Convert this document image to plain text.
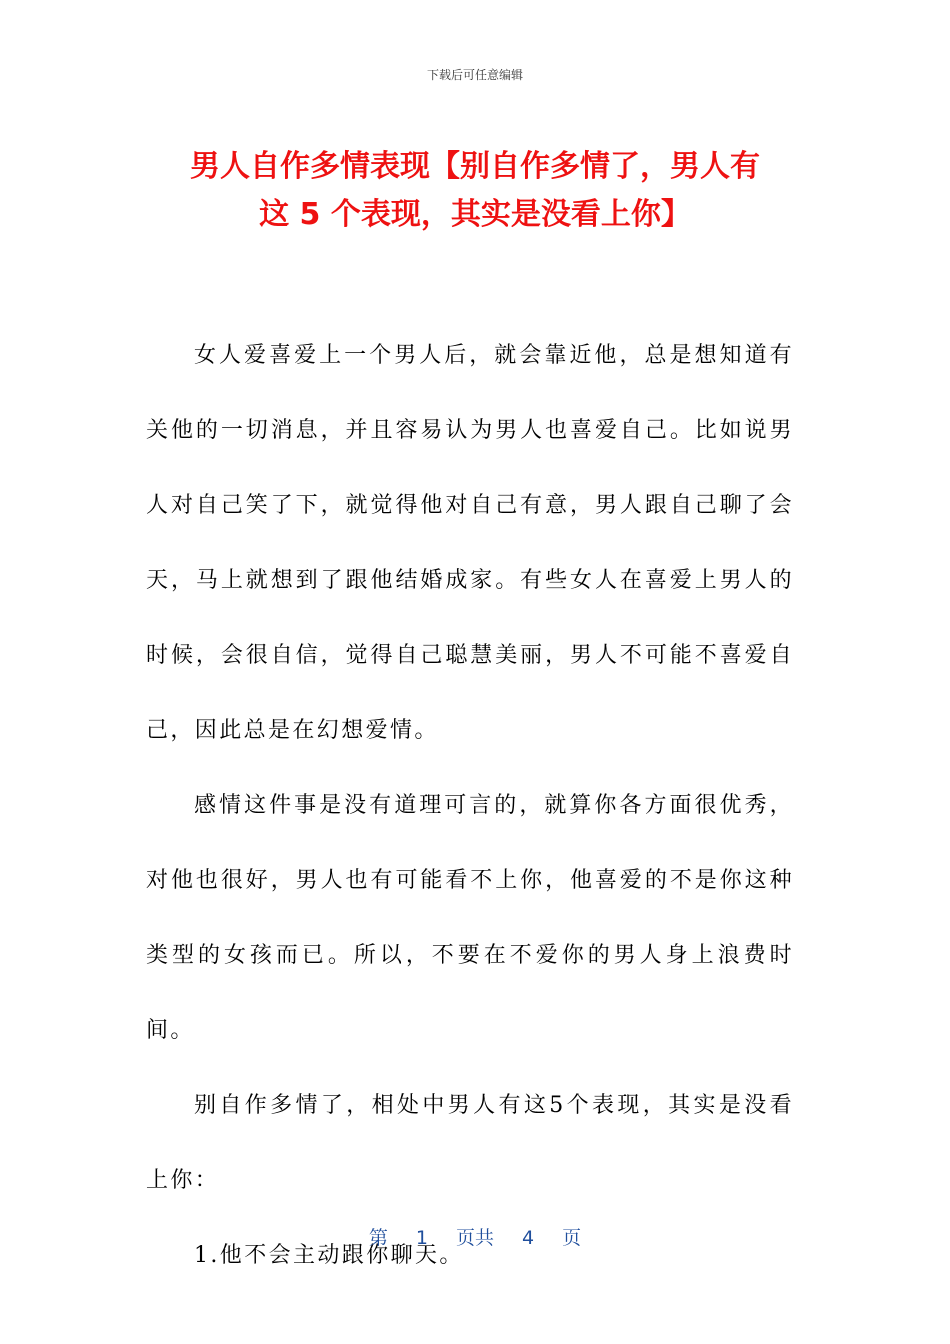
下载后可任意编辑
男人自作多情表现【别自作多情了，男人有
这 5 个表现，其实是没看上你】

女人爱喜爱上一个男人后，就会靠近他，总是想知道有关他的一切消息，并且容易认为男人也喜爱自己。比如说男人对自己笑了下，就觉得他对自己有意，男人跟自己聊了会天，马上就想到了跟他结婚成家。有些女人在喜爱上男人的时候，会很自信，觉得自己聪慧美丽，男人不可能不喜爱自己，因此总是在幻想爱情。

感情这件事是没有道理可言的，就算你各方面很优秀，对他也很好，男人也有可能看不上你，他喜爱的不是你这种类型的女孩而已。所以，不要在不爱你的男人身上浪费时间。

别自作多情了，相处中男人有这5个表现，其实是没看上你：

1.他不会主动跟你聊天。

第 1 页共 4 页
